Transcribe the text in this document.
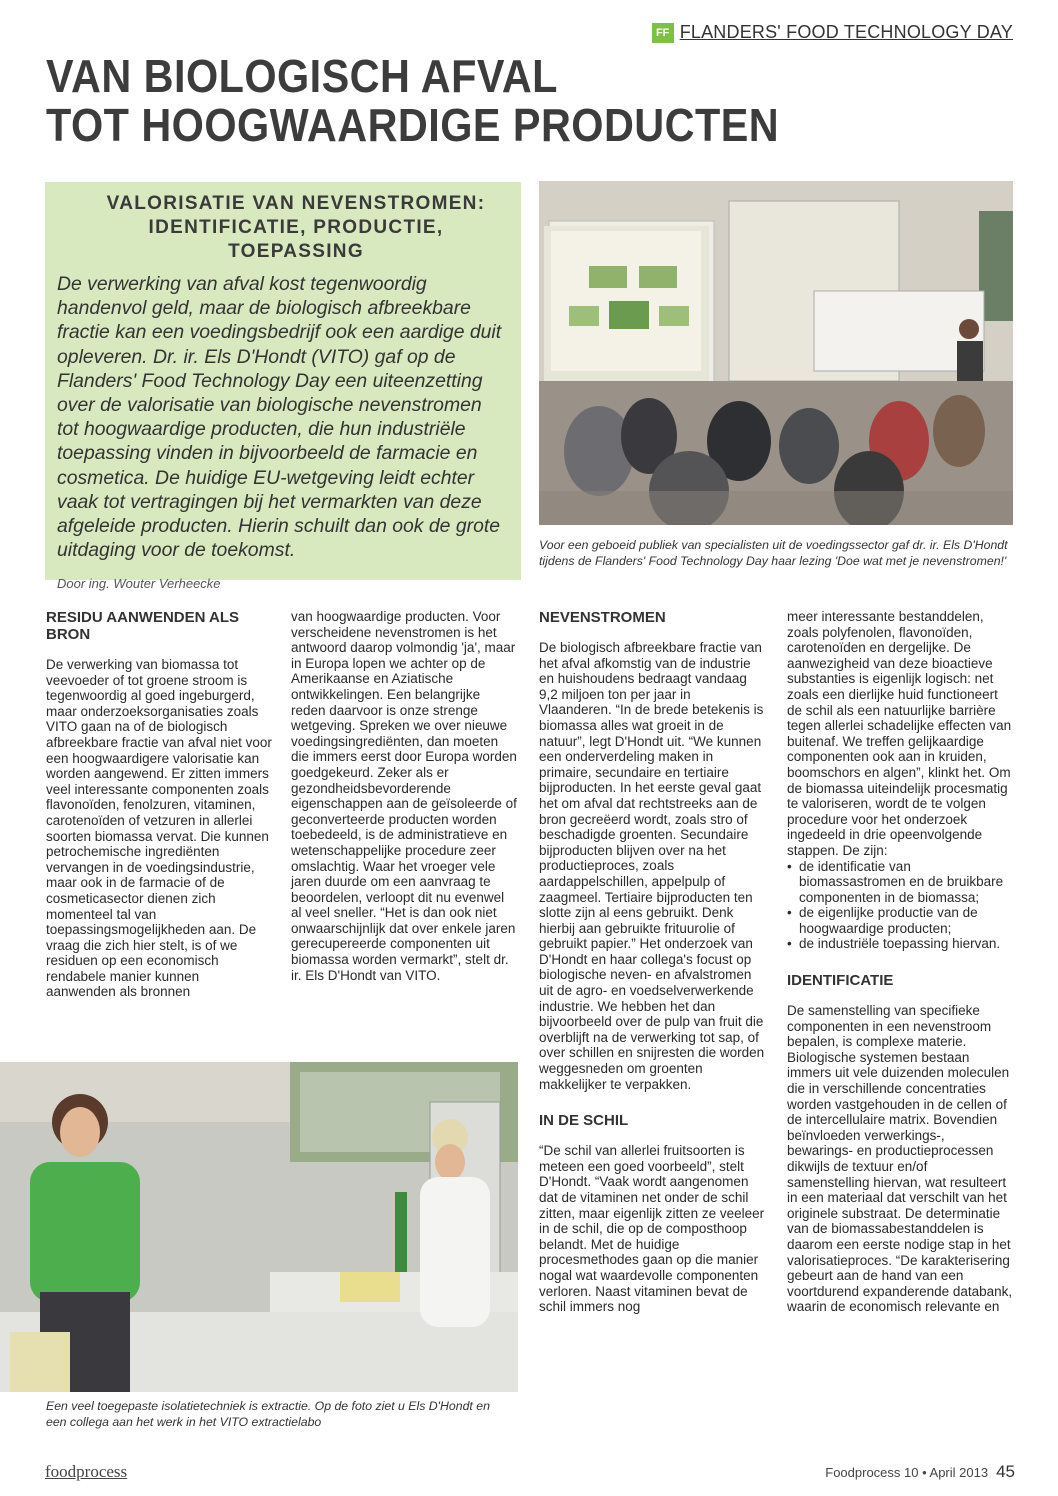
FF FLANDERS' FOOD TECHNOLOGY DAY
VAN BIOLOGISCH AFVAL
TOT HOOGWAARDIGE PRODUCTEN
VALORISATIE VAN NEVENSTROMEN:
IDENTIFICATIE, PRODUCTIE, TOEPASSING
De verwerking van afval kost tegenwoordig handenvol geld, maar de biologisch afbreekbare fractie kan een voedingsbedrijf ook een aardige duit opleveren. Dr. ir. Els D'Hondt (VITO) gaf op de Flanders' Food Technology Day een uiteenzetting over de valorisatie van biologische nevenstromen tot hoogwaardige producten, die hun industriële toepassing vinden in bijvoorbeeld de farmacie en cosmetica. De huidige EU-wetgeving leidt echter vaak tot vertragingen bij het vermarkten van deze afgeleide producten. Hierin schuilt dan ook de grote uitdaging voor de toekomst.
Door ing. Wouter Verheecke
Voor een geboeid publiek van specialisten uit de voedingssector gaf dr. ir. Els D'Hondt tijdens de Flanders' Food Technology Day haar lezing 'Doe wat met je nevenstromen!'
RESIDU AANWENDEN ALS BRON

De verwerking van biomassa tot veevoeder of tot groene stroom is tegenwoordig al goed ingeburgerd, maar onderzoeksorganisaties zoals VITO gaan na of de biologisch afbreekbare fractie van afval niet voor een hoogwaardigere valorisatie kan worden aangewend. Er zitten immers veel interessante componenten zoals flavonoïden, fenolzuren, vitaminen, carotenoïden of vetzuren in allerlei soorten biomassa vervat. Die kunnen petrochemische ingrediënten vervangen in de voedingsindustrie, maar ook in de farmacie of de cosmeticasector dienen zich momenteel tal van toepassingsmogelijkheden aan. De vraag die zich hier stelt, is of we residuen op een economisch rendabele manier kunnen aanwenden als bronnen

van hoogwaardige producten. Voor verscheidene nevenstromen is het antwoord daarop volmondig 'ja', maar in Europa lopen we achter op de Amerikaanse en Aziatische ontwikkelingen. Een belangrijke reden daarvoor is onze strenge wetgeving. Spreken we over nieuwe voedingsingrediënten, dan moeten die immers eerst door Europa worden goedgekeurd. Zeker als er gezondheidsbevorderende eigenschappen aan de geïsoleerde of geconverteerde producten worden toebedeeld, is de administratieve en wetenschappelijke procedure zeer omslachtig. Waar het vroeger vele jaren duurde om een aanvraag te beoordelen, verloopt dit nu evenwel al veel sneller. “Het is dan ook niet onwaarschijnlijk dat over enkele jaren gerecupereerde componenten uit biomassa worden vermarkt”, stelt dr. ir. Els D'Hondt van VITO.

Een veel toegepaste isolatietechniek is extractie. Op de foto ziet u Els D'Hondt en een collega aan het werk in het VITO extractielabo
NEVENSTROMEN

De biologisch afbreekbare fractie van het afval afkomstig van de industrie en huishoudens bedraagt vandaag 9,2 miljoen ton per jaar in Vlaanderen. “In de brede betekenis is biomassa alles wat groeit in de natuur”, legt D'Hondt uit. “We kunnen een onderverdeling maken in primaire, secundaire en tertiaire bijproducten. In het eerste geval gaat het om afval dat rechtstreeks aan de bron gecreëerd wordt, zoals stro of beschadigde groenten. Secundaire bijproducten blijven over na het productieproces, zoals aardappelschillen, appelpulp of zaagmeel. Tertiaire bijproducten ten slotte zijn al eens gebruikt. Denk hierbij aan gebruikte frituurolie of gebruikt papier.” Het onderzoek van D'Hondt en haar collega's focust op biologische neven- en afvalstromen uit de agro- en voedselverwerkende industrie. We hebben het dan bijvoorbeeld over de pulp van fruit die overblijft na de verwerking tot sap, of over schillen en snijresten die worden weggesneden om groenten makkelijker te verpakken.

IN DE SCHIL

“De schil van allerlei fruitsoorten is meteen een goed voorbeeld”, stelt D'Hondt. “Vaak wordt aangenomen dat de vitaminen net onder de schil zitten, maar eigenlijk zitten ze veeleer in de schil, die op de composthoop belandt. Met de huidige procesmethodes gaan op die manier nogal wat waardevolle componenten verloren. Naast vitaminen bevat de schil immers nog

meer interessante bestanddelen, zoals polyfenolen, flavonoïden, carotenoïden en dergelijke. De aanwezigheid van deze bioactieve substanties is eigenlijk logisch: net zoals een dierlijke huid functioneert de schil als een natuurlijke barrière tegen allerlei schadelijke effecten van buitenaf. We treffen gelijkaardige componenten ook aan in kruiden, boomschors en algen”, klinkt het. Om de biomassa uiteindelijk procesmatig te valoriseren, wordt de te volgen procedure voor het onderzoek ingedeeld in drie opeenvolgende stappen. De zijn:

• de identificatie van biomassastromen en de bruikbare componenten in de biomassa;
• de eigenlijke productie van de hoogwaardige producten;
• de industriële toepassing hiervan.
IDENTIFICATIE

De samenstelling van specifieke componenten in een nevenstroom bepalen, is complexe materie. Biologische systemen bestaan immers uit vele duizenden moleculen die in verschillende concentraties worden vastgehouden in de cellen of de intercellulaire matrix. Bovendien beïnvloeden verwerkings-, bewarings- en productieprocessen dikwijls de textuur en/of samenstelling hiervan, wat resulteert in een materiaal dat verschilt van het originele substraat. De determinatie van de biomassabestanddelen is daarom een eerste nodige stap in het valorisatieproces. “De karakterisering gebeurt aan de hand van een voortdurend expanderende databank, waarin de economisch relevante en

foodprocess	Foodprocess 10 • April 2013 45
